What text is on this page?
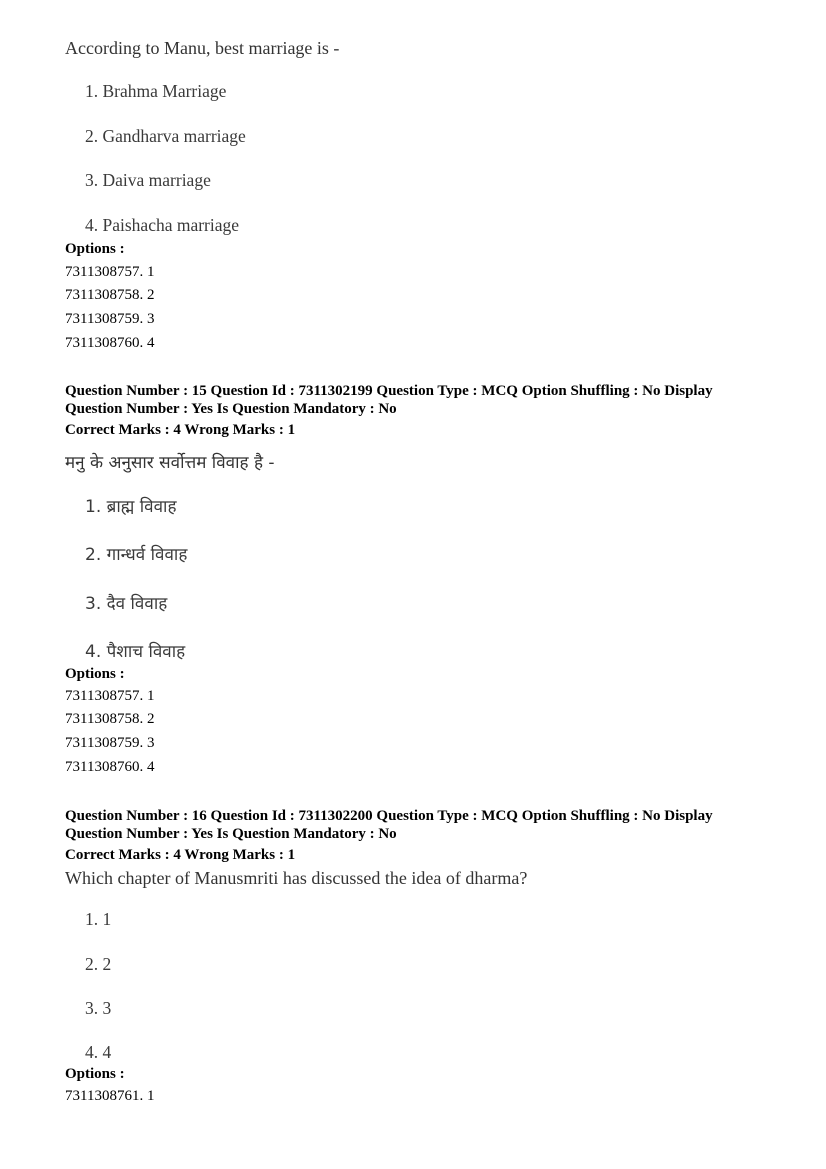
According to Manu, best marriage is -
1. Brahma Marriage
2. Gandharva marriage
3. Daiva marriage
4. Paishacha marriage
Options :
7311308757. 1
7311308758. 2
7311308759. 3
7311308760. 4
Question Number : 15 Question Id : 7311302199 Question Type : MCQ Option Shuffling : No Display
Question Number : Yes Is Question Mandatory : No
Correct Marks : 4 Wrong Marks : 1
मनु के अनुसार सर्वोत्तम विवाह है -
1. ब्राह्म विवाह
2. गान्धर्व विवाह
3. दैव विवाह
4. पैशाच विवाह
Options :
7311308757. 1
7311308758. 2
7311308759. 3
7311308760. 4
Question Number : 16 Question Id : 7311302200 Question Type : MCQ Option Shuffling : No Display
Question Number : Yes Is Question Mandatory : No
Correct Marks : 4 Wrong Marks : 1
Which chapter of Manusmriti has discussed the idea of dharma?
1. 1
2. 2
3. 3
4. 4
Options :
7311308761. 1
